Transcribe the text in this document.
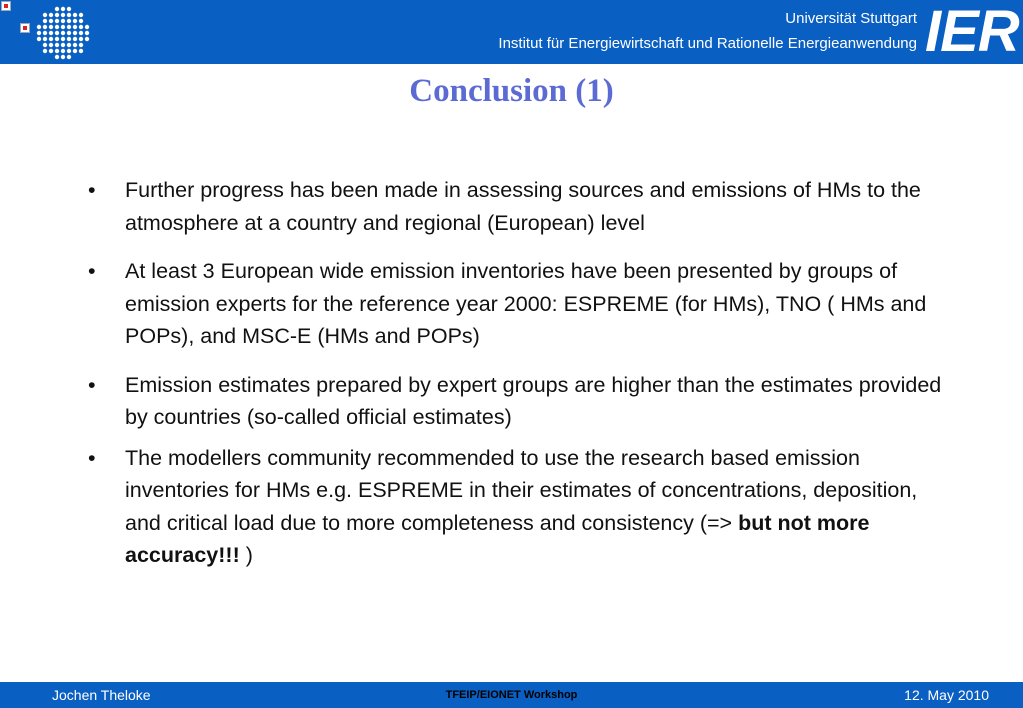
Universität Stuttgart
Institut für Energiewirtschaft und Rationelle Energieanwendung IER
Conclusion (1)
• Further progress has been made in assessing sources and emissions of HMs to the atmosphere at a country and regional (European) level
• At least 3 European wide emission inventories have been presented by groups of emission experts for the reference year 2000: ESPREME (for HMs), TNO ( HMs and POPs), and MSC-E (HMs and POPs)
• Emission estimates prepared by expert groups are higher than the estimates provided by countries (so-called official estimates)
• The modellers community recommended to use the research based emission inventories for HMs e.g. ESPREME in their estimates of concentrations, deposition, and critical load due to more completeness and consistency (=> but not more accuracy!!! )
Jochen Theloke	TFEIP/EIONET Workshop	12. May 2010
